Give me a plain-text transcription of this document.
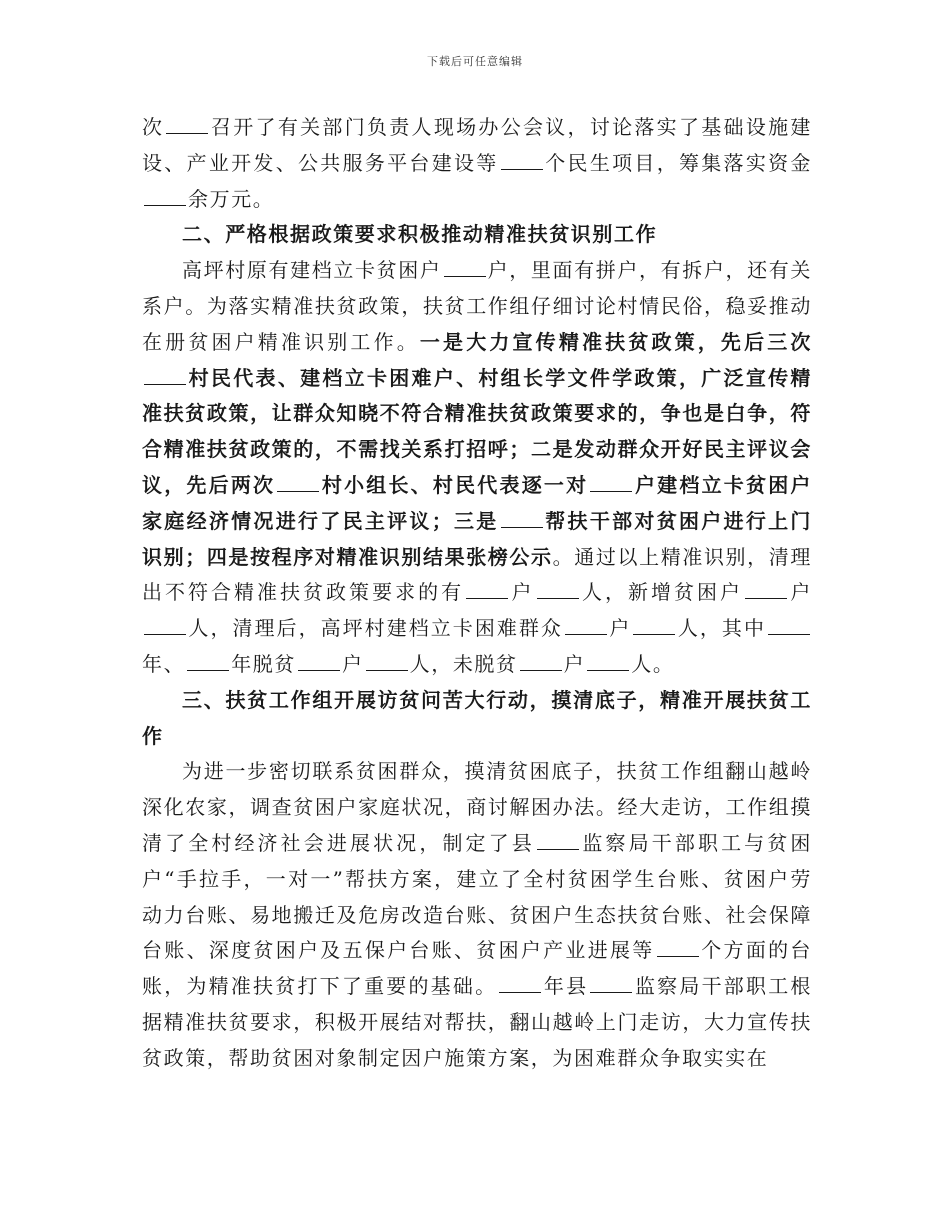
下载后可任意编辑

次 召开了有关部门负责人现场办公会议，讨论落实了基础设施建设、产业开发、公共服务平台建设等 个民生项目，筹集落实资金余万元。

二、严格根据政策要求积极推动精准扶贫识别工作

高坪村原有建档立卡贫困户 户，里面有拼户，有拆户，还有关系户。为落实精准扶贫政策，扶贫工作组仔细讨论村情民俗，稳妥推动在册贫困户精准识别工作。一是大力宣传精准扶贫政策，先后三次村民代表、建档立卡困难户、村组长学文件学政策，广泛宣传精准扶贫政策，让群众知晓不符合精准扶贫政策要求的，争也是白争，符合精准扶贫政策的，不需找关系打招呼；二是发动群众开好民主评议会议，先后两次 村小组长、村民代表逐一对 户建档立卡贫困户家庭经济情况进行了民主评议；三是 帮扶干部对贫困户进行上门识别；四是按程序对精准识别结果张榜公示。通过以上精准识别，清理出不符合精准扶贫政策要求的有 户 人，新增贫困户 户人，清理后，高坪村建档立卡困难群众 户 人，其中年、 年脱贫 户 人，未脱贫 户 人。

三、扶贫工作组开展访贫问苦大行动，摸清底子，精准开展扶贫工作

为进一步密切联系贫困群众，摸清贫困底子，扶贫工作组翻山越岭深化农家，调查贫困户家庭状况，商讨解困办法。经大走访，工作组摸清了全村经济社会进展状况，制定了县 监察局干部职工与贫困户“手拉手，一对一”帮扶方案，建立了全村贫困学生台账、贫困户劳动力台账、易地搬迁及危房改造台账、贫困户生态扶贫台账、社会保障台账、深度贫困户及五保户台账、贫困户产业进展等 个方面的台账，为精准扶贫打下了重要的基础。 年县 监察局干部职工根据精准扶贫要求，积极开展结对帮扶，翻山越岭上门走访，大力宣传扶贫政策，帮助贫困对象制定因户施策方案，为困难群众争取实实在
